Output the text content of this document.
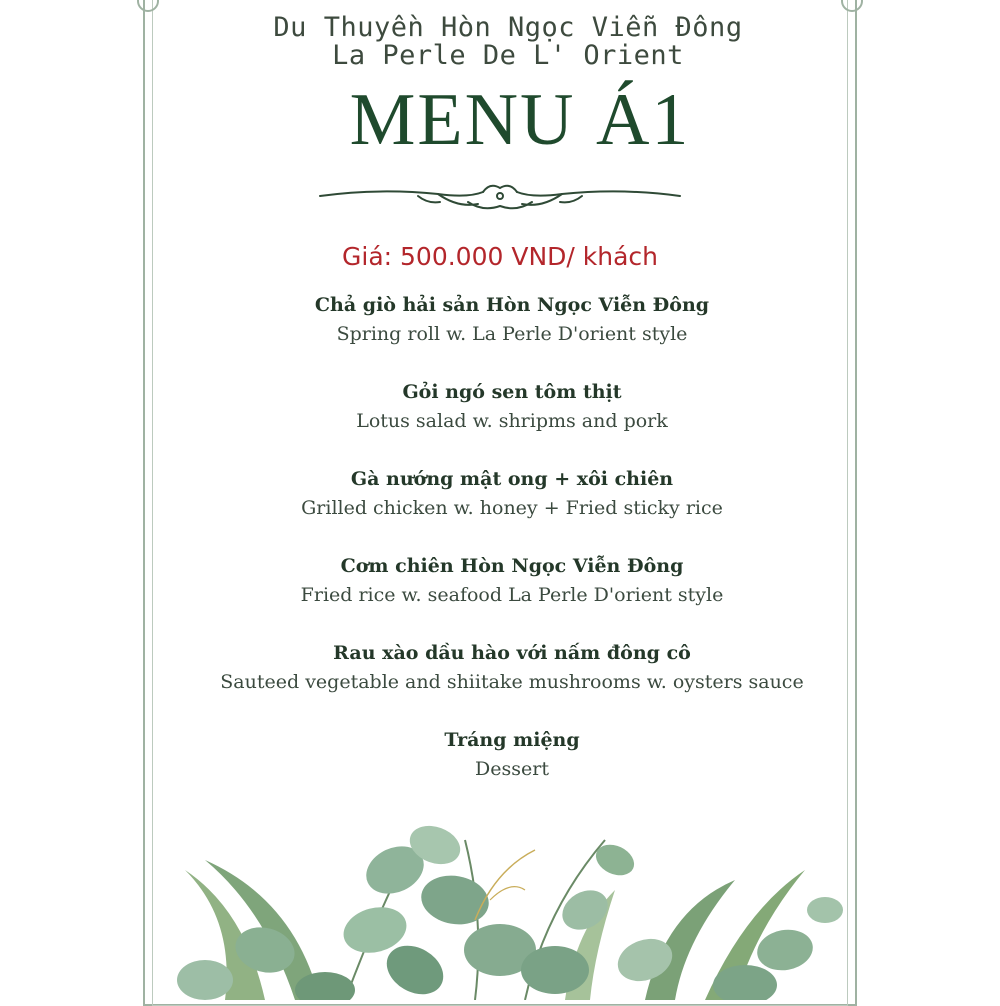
Du Thuyền Hòn Ngọc Viễn Đông
La Perle De L' Orient
MENU Á1
Giá: 500.000 VND/ khách
Chả giò hải sản Hòn Ngọc Viễn Đông
Spring roll w. La Perle D'orient style
Gỏi ngó sen tôm thịt
Lotus salad w. shripms and pork
Gà nướng mật ong + xôi chiên
Grilled chicken w. honey + Fried sticky rice
Cơm chiên Hòn Ngọc Viễn Đông
Fried rice w. seafood La Perle D'orient style
Rau xào dầu hào với nấm đông cô
Sauteed vegetable and shiitake mushrooms w. oysters sauce
Tráng miệng
Dessert
